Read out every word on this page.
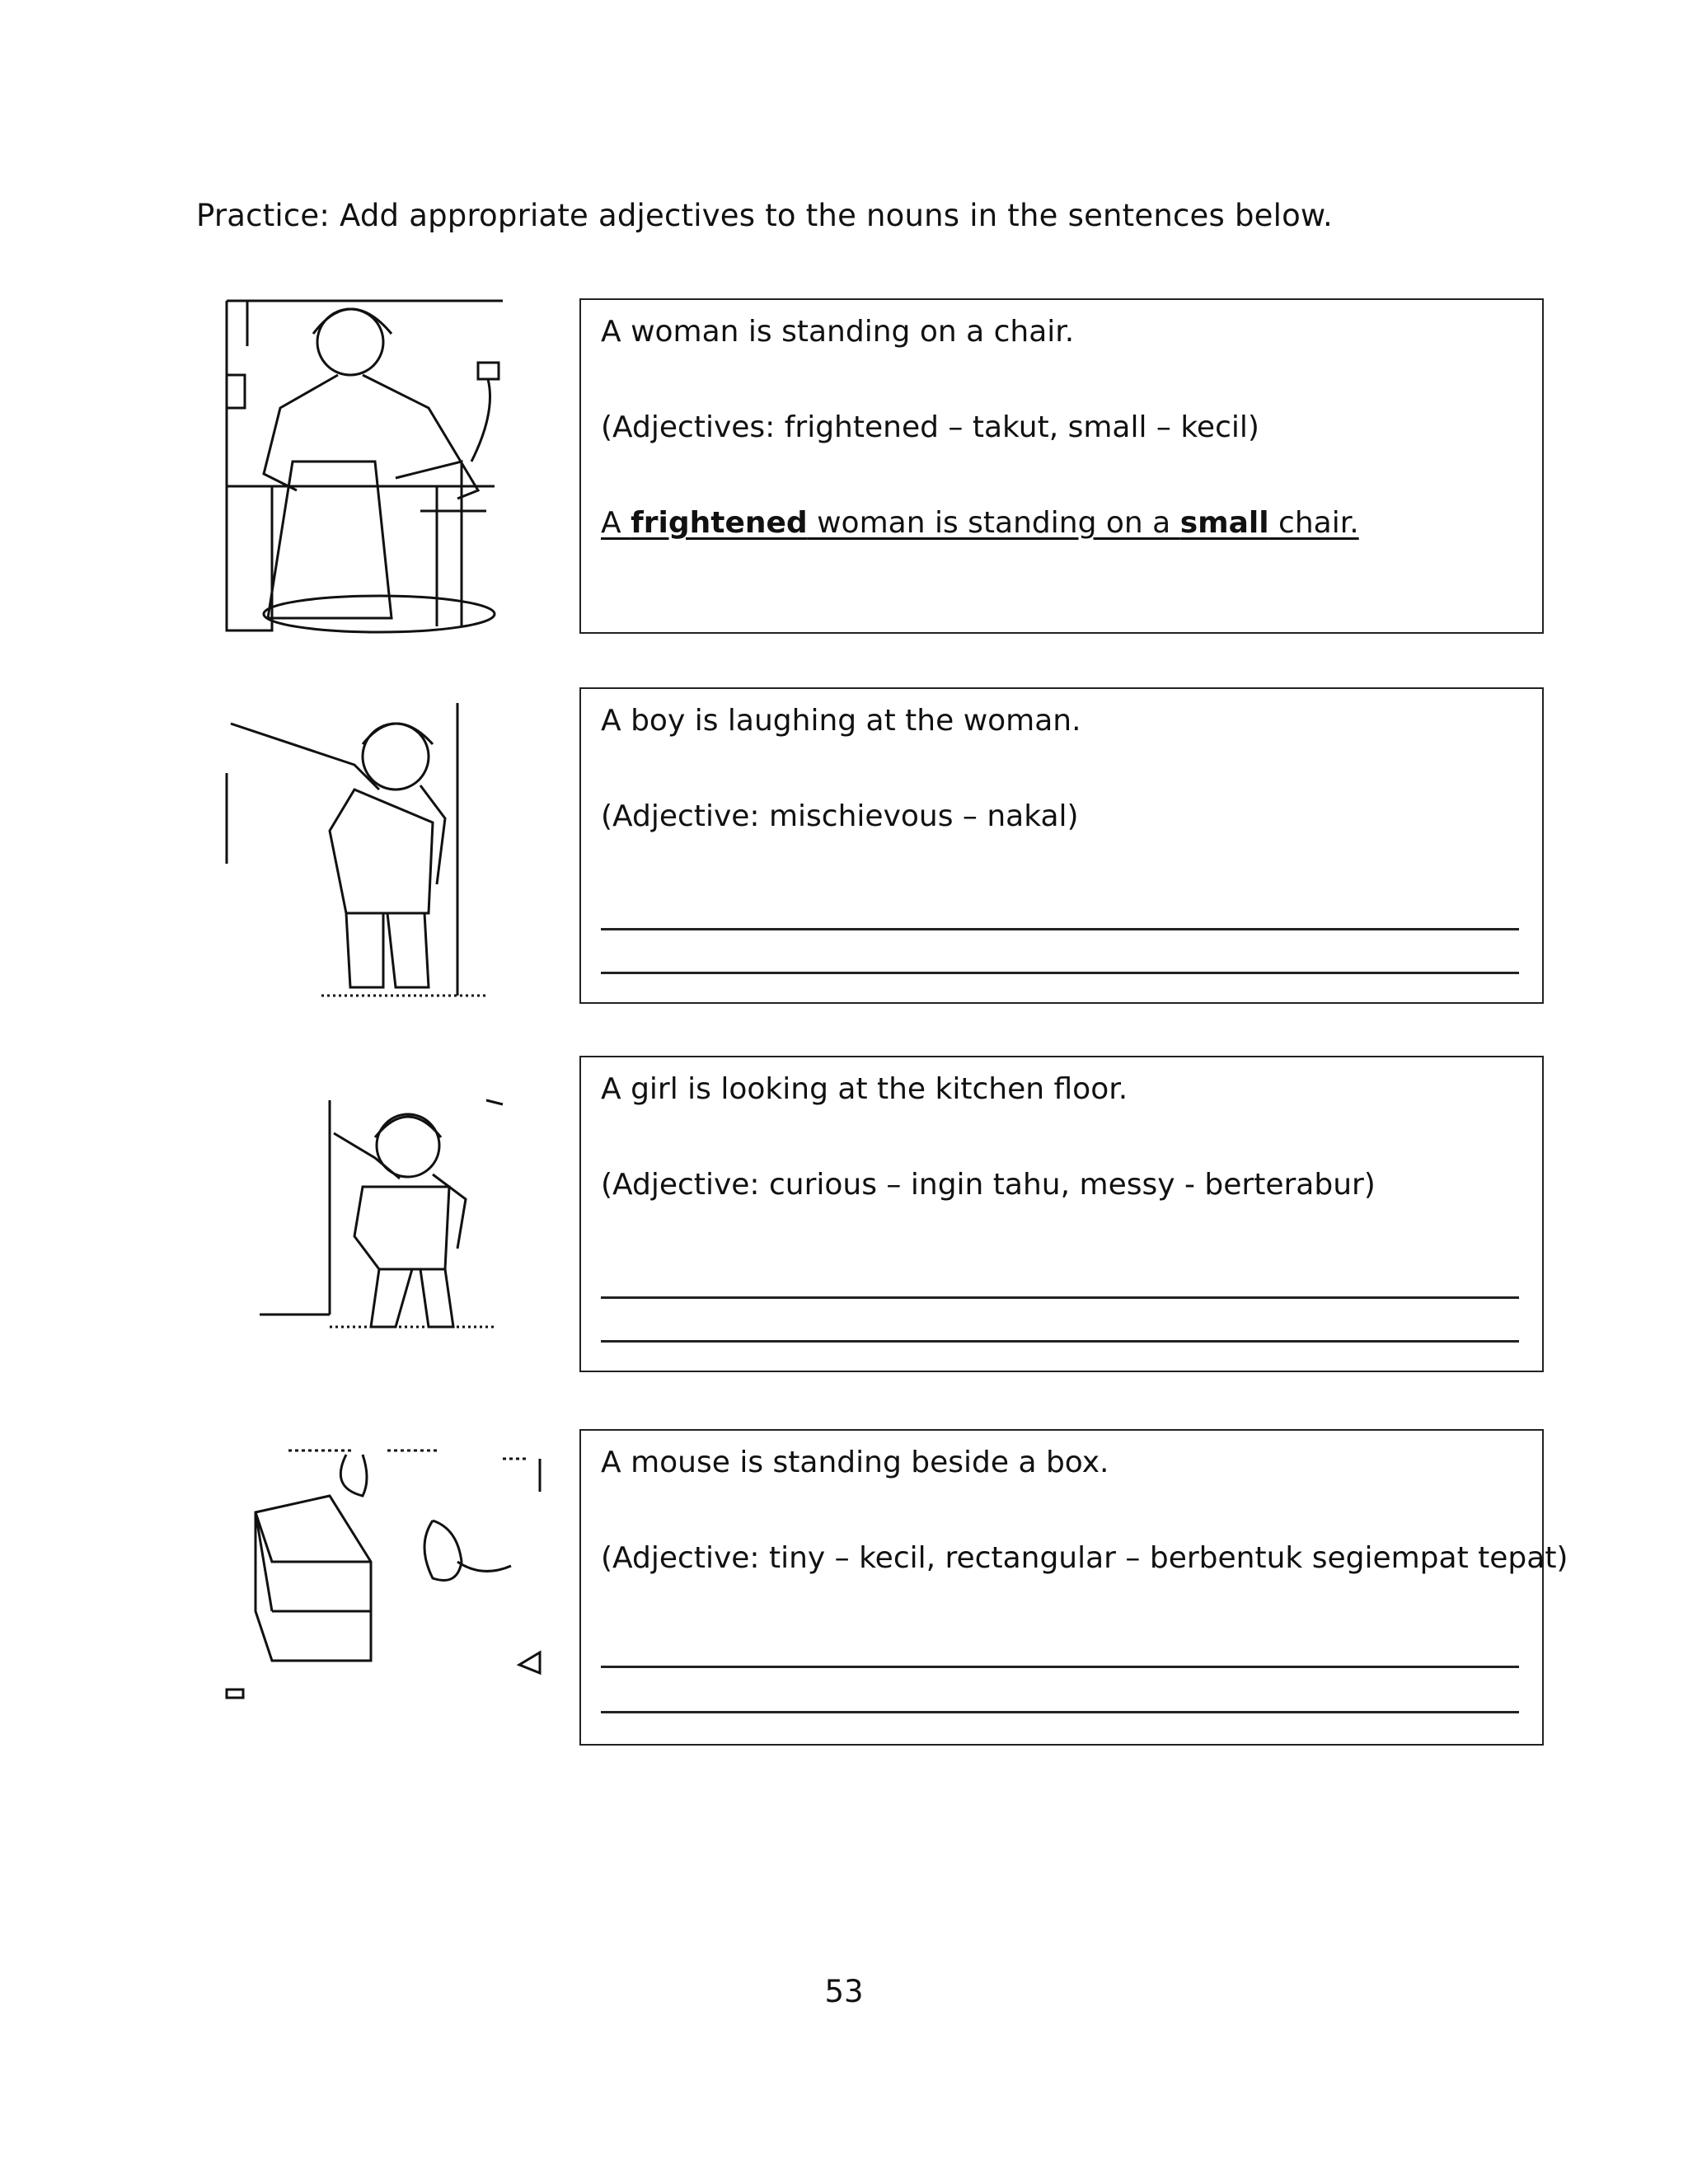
Practice: Add appropriate adjectives to the nouns in the sentences below.
A woman is standing on a chair.
(Adjectives: frightened – takut, small – kecil)
A frightened woman is standing on a small chair.
A boy is laughing at the woman.
(Adjective: mischievous – nakal)
A girl is looking at the kitchen floor.
(Adjective: curious – ingin tahu, messy - berterabur)
A mouse is standing beside a box.
(Adjective: tiny – kecil, rectangular – berbentuk segiempat tepat)
53
